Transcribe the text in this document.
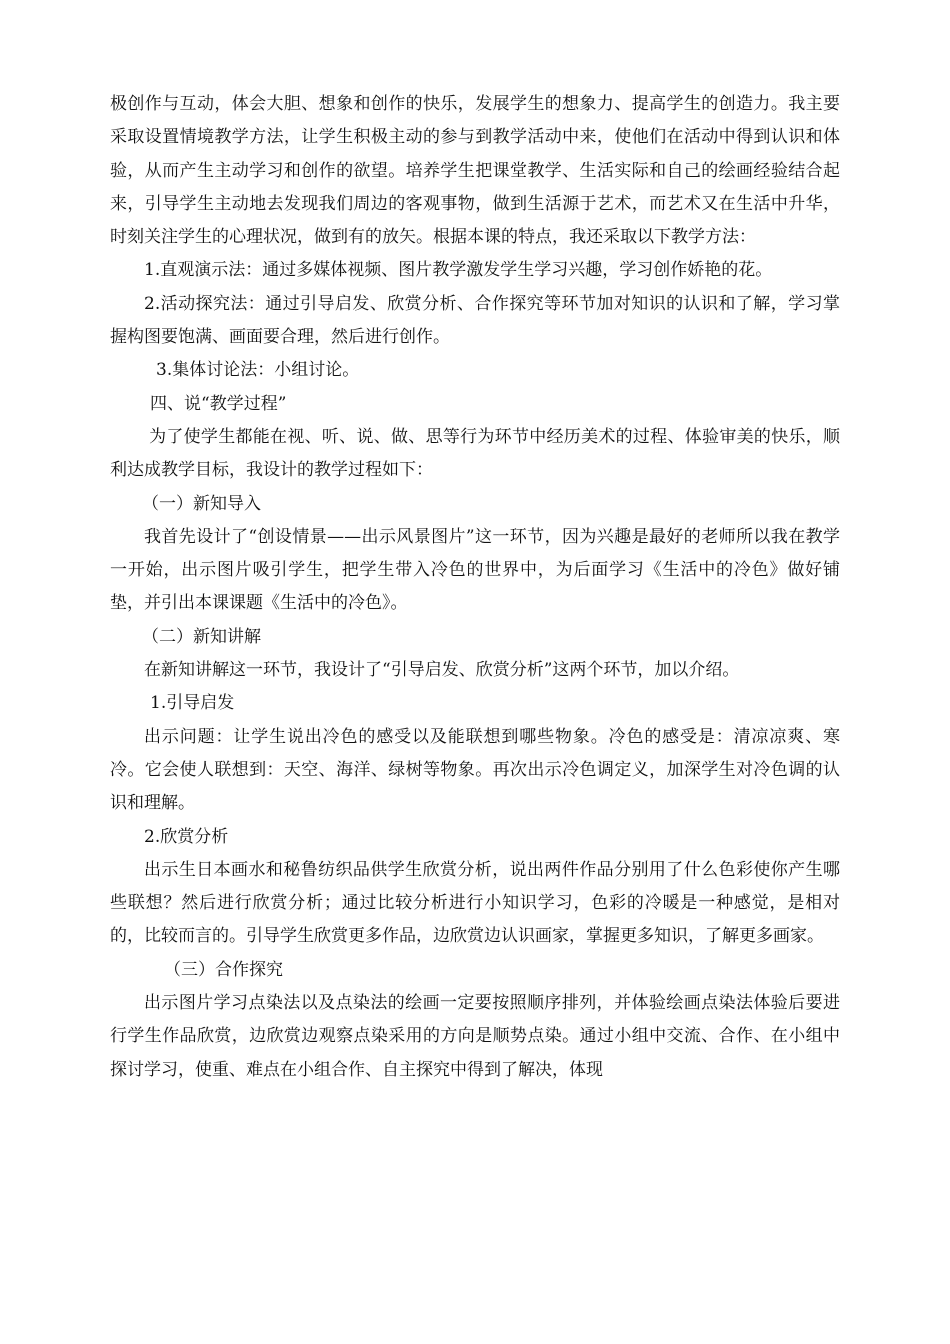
极创作与互动，体会大胆、想象和创作的快乐，发展学生的想象力、提高学生的创造力。我主要采取设置情境教学方法，让学生积极主动的参与到教学活动中来，使他们在活动中得到认识和体验，从而产生主动学习和创作的欲望。培养学生把课堂教学、生活实际和自己的绘画经验结合起来，引导学生主动地去发现我们周边的客观事物，做到生活源于艺术，而艺术又在生活中升华，时刻关注学生的心理状况，做到有的放矢。根据本课的特点，我还采取以下教学方法：

1.直观演示法：通过多媒体视频、图片教学激发学生学习兴趣，学习创作娇艳的花。

2.活动探究法：通过引导启发、欣赏分析、合作探究等环节加对知识的认识和了解，学习掌握构图要饱满、画面要合理，然后进行创作。

3.集体讨论法：小组讨论。

四、说“教学过程”

为了使学生都能在视、听、说、做、思等行为环节中经历美术的过程、体验审美的快乐，顺利达成教学目标，我设计的教学过程如下：

（一）新知导入

我首先设计了“创设情景——出示风景图片”这一环节，因为兴趣是最好的老师所以我在教学一开始，出示图片吸引学生，把学生带入冷色的世界中，为后面学习《生活中的冷色》做好铺垫，并引出本课课题《生活中的冷色》。

（二）新知讲解

在新知讲解这一环节，我设计了“引导启发、欣赏分析”这两个环节，加以介绍。

1.引导启发

出示问题：让学生说出冷色的感受以及能联想到哪些物象。冷色的感受是：清凉凉爽、寒冷。它会使人联想到：天空、海洋、绿树等物象。再次出示冷色调定义，加深学生对冷色调的认识和理解。

2.欣赏分析

出示生日本画水和秘鲁纺织品供学生欣赏分析，说出两件作品分别用了什么色彩使你产生哪些联想？然后进行欣赏分析；通过比较分析进行小知识学习，色彩的冷暖是一种感觉，是相对的，比较而言的。引导学生欣赏更多作品，边欣赏边认识画家，掌握更多知识，了解更多画家。

（三）合作探究

出示图片学习点染法以及点染法的绘画一定要按照顺序排列，并体验绘画点染法体验后要进行学生作品欣赏，边欣赏边观察点染采用的方向是顺势点染。通过小组中交流、合作、在小组中探讨学习，使重、难点在小组合作、自主探究中得到了解决，体现
